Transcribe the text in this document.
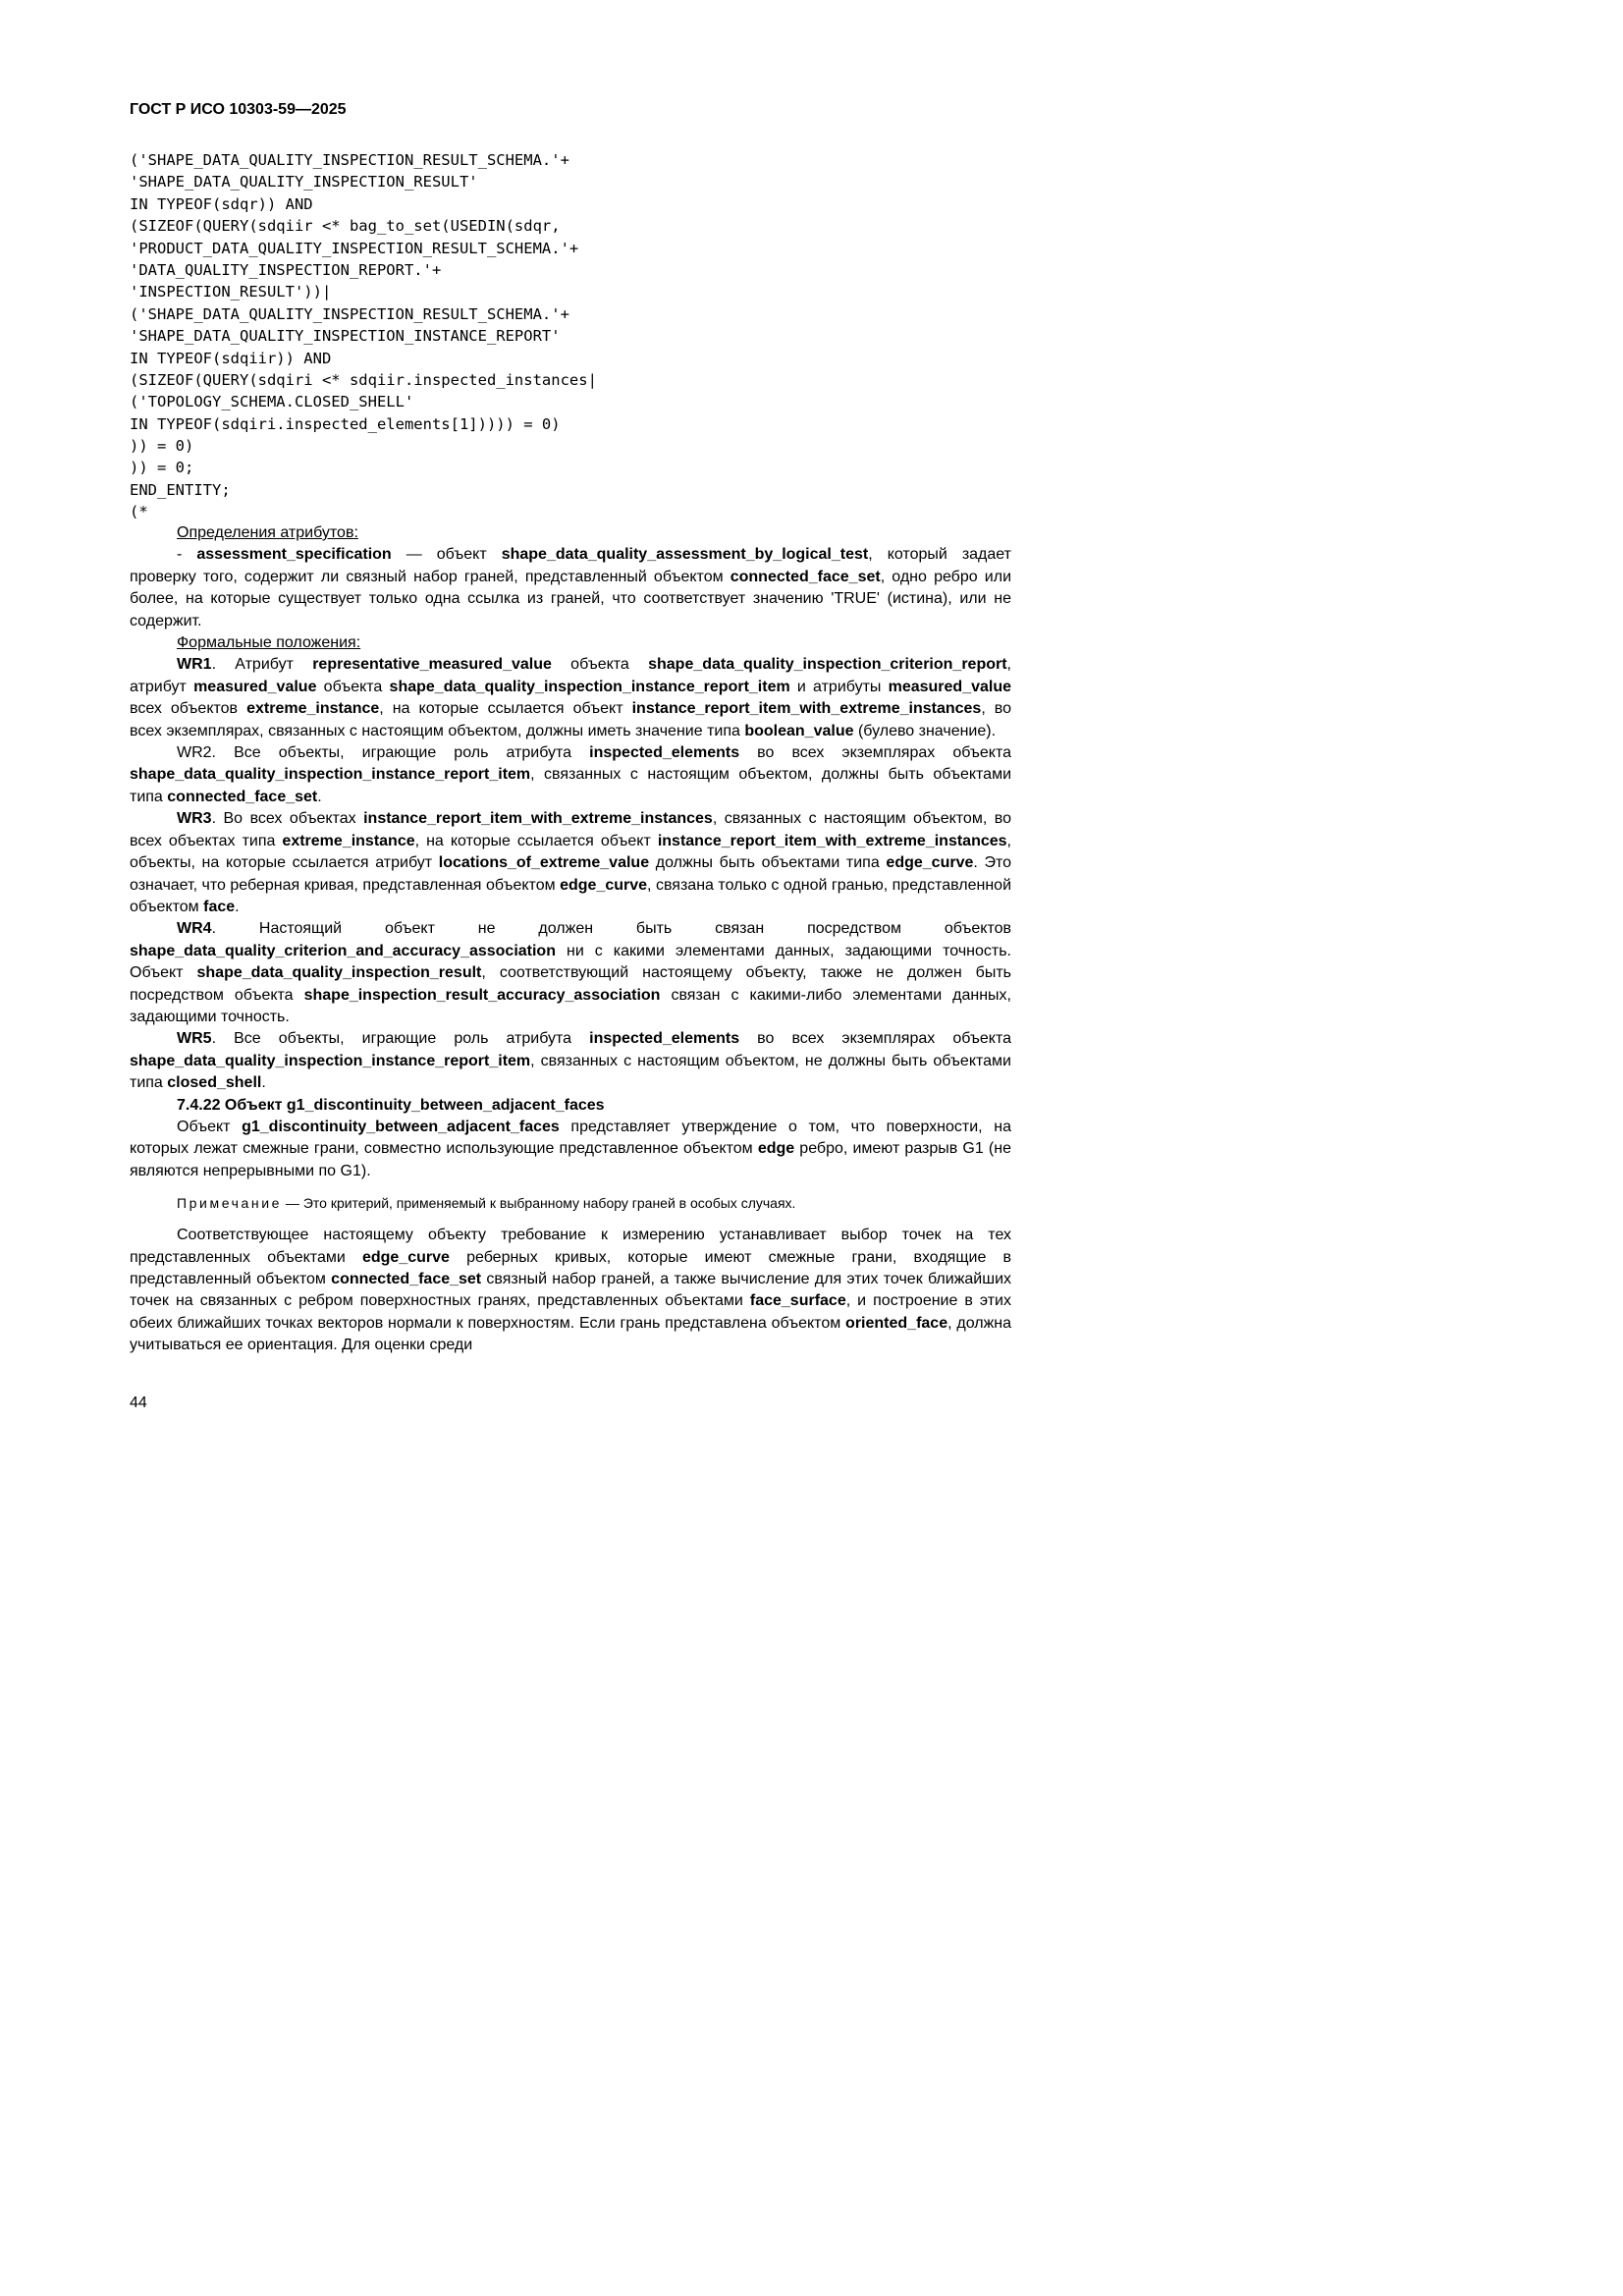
ГОСТ Р ИСО 10303-59—2025
('SHAPE_DATA_QUALITY_INSPECTION_RESULT_SCHEMA.'+
'SHAPE_DATA_QUALITY_INSPECTION_RESULT'
IN TYPEOF(sdqr)) AND
(SIZEOF(QUERY(sdqiir <* bag_to_set(USEDIN(sdqr,
'PRODUCT_DATA_QUALITY_INSPECTION_RESULT_SCHEMA.'+
'DATA_QUALITY_INSPECTION_REPORT.'+
'INSPECTION_RESULT'))|
('SHAPE_DATA_QUALITY_INSPECTION_RESULT_SCHEMA.'+
'SHAPE_DATA_QUALITY_INSPECTION_INSTANCE_REPORT'
IN TYPEOF(sdqiir)) AND
(SIZEOF(QUERY(sdqiri <* sdqiir.inspected_instances|
('TOPOLOGY_SCHEMA.CLOSED_SHELL'
IN TYPEOF(sdqiri.inspected_elements[1])))) = 0)
)) = 0)
)) = 0;
END_ENTITY;
(*

Определения атрибутов:

- assessment_specification — объект shape_data_quality_assessment_by_logical_test, который задает проверку того, содержит ли связный набор граней, представленный объектом connected_face_set, одно ребро или более, на которые существует только одна ссылка из граней, что соответствует значению 'TRUE' (истина), или не содержит.

Формальные положения:

WR1. Атрибут representative_measured_value объекта shape_data_quality_inspection_criterion_report, атрибут measured_value объекта shape_data_quality_inspection_instance_report_item и атрибуты measured_value всех объектов extreme_instance, на которые ссылается объект instance_report_item_with_extreme_instances, во всех экземплярах, связанных с настоящим объектом, должны иметь значение типа boolean_value (булево значение).

WR2. Все объекты, играющие роль атрибута inspected_elements во всех экземплярах объекта shape_data_quality_inspection_instance_report_item, связанных с настоящим объектом, должны быть объектами типа connected_face_set.

WR3. Во всех объектах instance_report_item_with_extreme_instances, связанных с настоящим объектом, во всех объектах типа extreme_instance, на которые ссылается объект instance_report_item_with_extreme_instances, объекты, на которые ссылается атрибут locations_of_extreme_value должны быть объектами типа edge_curve. Это означает, что реберная кривая, представленная объектом edge_curve, связана только с одной гранью, представленной объектом face.

WR4. Настоящий объект не должен быть связан посредством объектов shape_data_quality_criterion_and_accuracy_association ни с какими элементами данных, задающими точность. Объект shape_data_quality_inspection_result, соответствующий настоящему объекту, также не должен быть посредством объекта shape_inspection_result_accuracy_association связан с какими-либо элементами данных, задающими точность.

WR5. Все объекты, играющие роль атрибута inspected_elements во всех экземплярах объекта shape_data_quality_inspection_instance_report_item, связанных с настоящим объектом, не должны быть объектами типа closed_shell.

7.4.22 Объект g1_discontinuity_between_adjacent_faces

Объект g1_discontinuity_between_adjacent_faces представляет утверждение о том, что поверхности, на которых лежат смежные грани, совместно использующие представленное объектом edge ребро, имеют разрыв G1 (не являются непрерывными по G1).

Примечание — Это критерий, применяемый к выбранному набору граней в особых случаях.

Соответствующее настоящему объекту требование к измерению устанавливает выбор точек на тех представленных объектами edge_curve реберных кривых, которые имеют смежные грани, входящие в представленный объектом connected_face_set связный набор граней, а также вычисление для этих точек ближайших точек на связанных с ребром поверхностных гранях, представленных объектами face_surface, и построение в этих обеих ближайших точках векторов нормали к поверхностям. Если грань представлена объектом oriented_face, должна учитываться ее ориентация. Для оценки среди

44
